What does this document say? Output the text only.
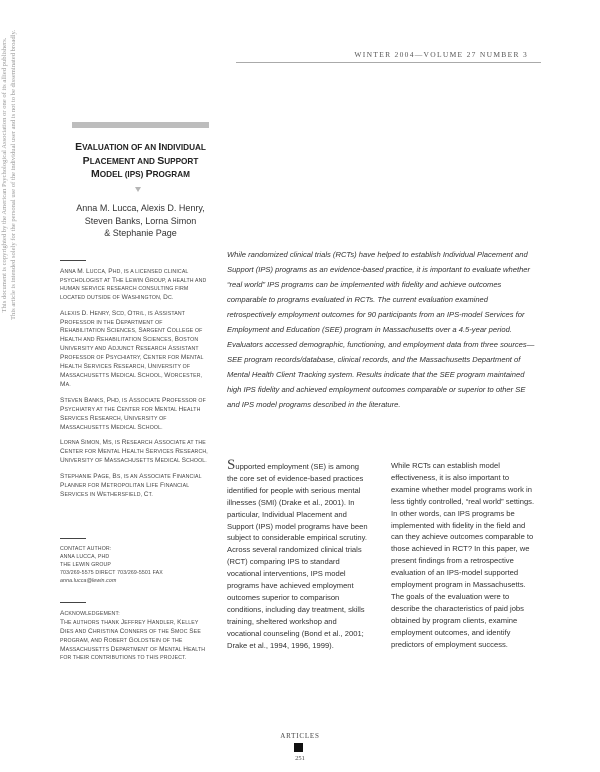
WINTER 2004—VOLUME 27 NUMBER 3
This document is copyrighted by the American Psychological Association or one of its allied publishers. This article is intended solely for the personal use of the individual user and is not to be disseminated broadly.	EVALUATION OF AN INDIVIDUAL
PLACEMENT AND SUPPORT
MODEL (IPS) PROGRAM
Anna M. Lucca, Alexis D. Henry,
Steven Banks, Lorna Simon
& Stephanie Page

ANNA M. LUCCA, PHD, IS A LICENSED CLINICAL PSYCHOLOGIST AT THE LEWIN GROUP, A HEALTH AND HUMAN SERVICE RESEARCH CONSULTING FIRM LOCATED OUTSIDE OF WASHINGTON, DC.

ALEXIS D. HENRY, SCD, OTR/L, IS ASSISTANT PROFESSOR IN THE DEPARTMENT OF REHABILITATION SCIENCES, SARGENT COLLEGE OF HEALTH AND REHABILITATION SCIENCES, BOSTON UNIVERSITY AND ADJUNCT RESEARCH ASSISTANT PROFESSOR OF PSYCHIATRY, CENTER FOR MENTAL HEALTH SERVICES RESEARCH, UNIVERSITY OF MASSACHUSETTS MEDICAL SCHOOL, WORCESTER, MA.

STEVEN BANKS, PHD, IS ASSOCIATE PROFESSOR OF PSYCHIATRY AT THE CENTER FOR MENTAL HEALTH SERVICES RESEARCH, UNIVERSITY OF MASSACHUSETTS MEDICAL SCHOOL.

LORNA SIMON, MS, IS RESEARCH ASSOCIATE AT THE CENTER FOR MENTAL HEALTH SERVICES RESEARCH, UNIVERSITY OF MASSACHUSETTS MEDICAL SCHOOL.

STEPHANIE PAGE, BS, IS AN ASSOCIATE FINANCIAL PLANNER FOR METROPOLITAN LIFE FINANCIAL SERVICES IN WETHERSFIELD, CT.

CONTACT AUTHOR:
ANNA LUCCA, PHD
THE LEWIN GROUP
703/269-5575 DIRECT 703/269-5501 FAX
anna.lucca@lewin.com
ACKNOWLEDGEMENT:
THE AUTHORS THANK JEFFREY HANDLER, KELLEY DIES AND CHRISTINA CONNERS OF THE SMOC SEE PROGRAM, AND ROBERT GOLDSTEIN OF THE MASSACHUSETTS DEPARTMENT OF MENTAL HEALTH FOR THEIR CONTRIBUTIONS TO THIS PROJECT.
While randomized clinical trials (RCTs) have helped to establish Individual Placement and Support (IPS) programs as an evidence-based practice, it is important to evaluate whether “real world” IPS programs can be implemented with fidelity and achieve outcomes comparable to programs evaluated in RCTs. The current evaluation examined retrospectively employment outcomes for 90 participants from an IPS-model Services for Employment and Education (SEE) program in Massachusetts over a 4.5-year period. Evaluators accessed demographic, functioning, and employment data from three sources—SEE program records/database, clinical records, and the Massachusetts Department of Mental Health Client Tracking system. Results indicate that the SEE program maintained high IPS fidelity and achieved employment outcomes comparable or superior to other SE and IPS model programs described in the literature.
Supported employment (SE) is among the core set of evidence-based practices identified for people with serious mental illnesses (SMI) (Drake et al., 2001). In particular, Individual Placement and Support (IPS) model programs have been subject to considerable empirical scrutiny. Across several randomized clinical trials (RCT) comparing IPS to standard vocational interventions, IPS model programs have achieved employment outcomes superior to comparison conditions, including day treatment, skills training, sheltered workshop and vocational counseling (Bond et al., 2001; Drake et al., 1994, 1996, 1999).
While RCTs can establish model effectiveness, it is also important to examine whether model programs work in less tightly controlled, “real world” settings. In other words, can IPS programs be implemented with fidelity in the field and can they achieve outcomes comparable to those achieved in RCT? In this paper, we present findings from a retrospective evaluation of an IPS-model supported employment program in Massachusetts. The goals of the evaluation were to describe the characteristics of paid jobs obtained by program clients, examine employment outcomes, and identify predictors of employment success.
ARTICLES
251
